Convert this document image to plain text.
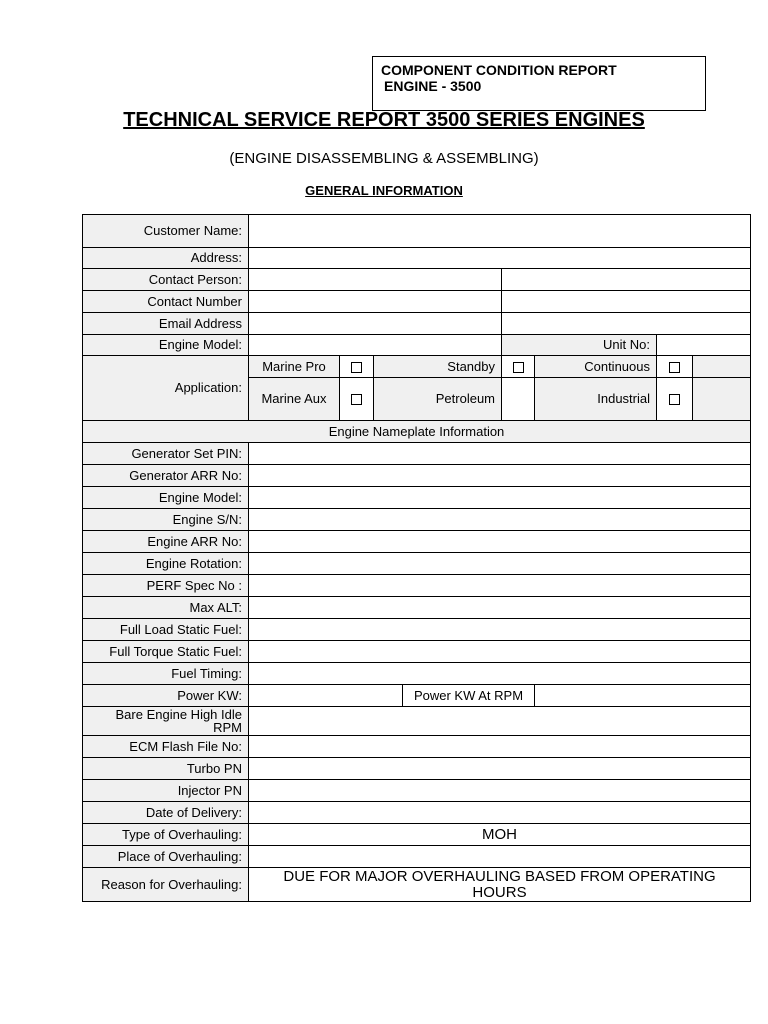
COMPONENT CONDITION REPORT
ENGINE - 3500
TECHNICAL SERVICE REPORT 3500 SERIES ENGINES
(ENGINE DISASSEMBLING & ASSEMBLING)
GENERAL INFORMATION
Customer Name:								
Address:								
Contact Person:								
Contact Number								
Email Address								
Engine Model:					Unit No:			
Application:	Marine Pro		Standby			Continuous		
	Marine Aux		Petroleum			Industrial		
Engine Nameplate Information								
Generator Set PIN:								
Generator ARR No:								
Engine Model:								
Engine S/N:								
Engine ARR No:								
Engine Rotation:								
PERF Spec No :								
Max ALT:								
Full Load Static Fuel:								
Full Torque Static Fuel:								
Fuel Timing:								
Power KW:				Power KW At RPM				
Bare Engine High Idle RPM								
ECM Flash File No:								
Turbo PN								
Injector PN								
Date of Delivery:								
Type of Overhauling:	MOH							
Place of Overhauling:								
Reason for Overhauling:	DUE FOR MAJOR OVERHAULING BASED FROM OPERATING HOURS							
